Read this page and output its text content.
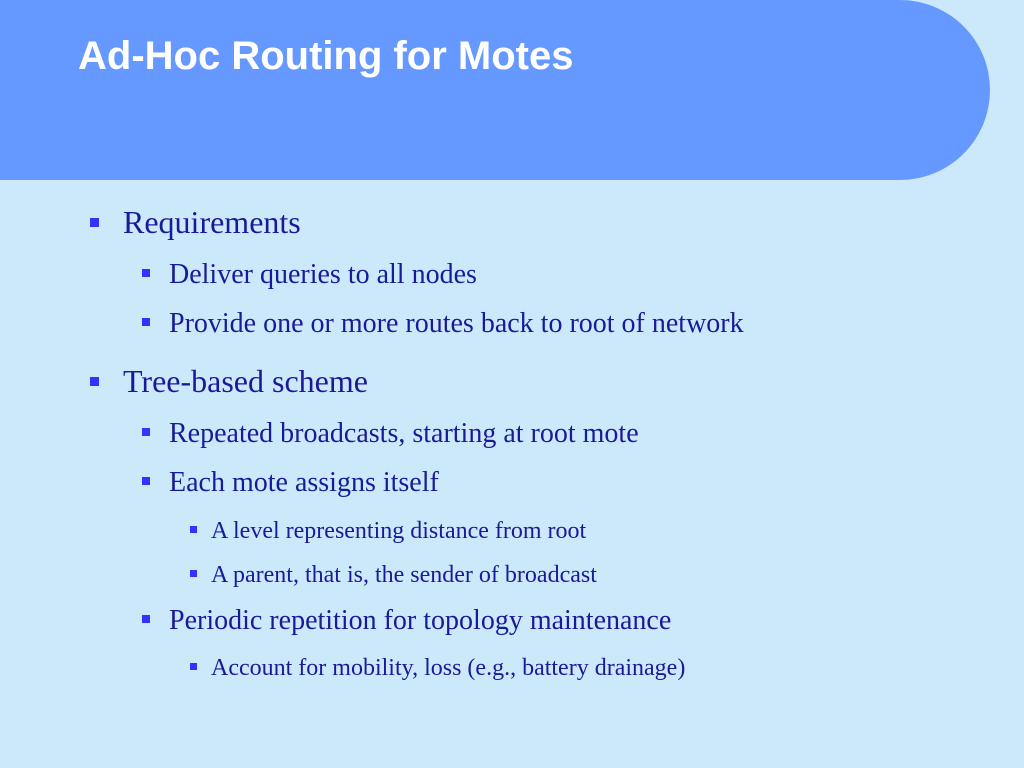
Ad-Hoc Routing for Motes
Requirements
Deliver queries to all nodes
Provide one or more routes back to root of network
Tree-based scheme
Repeated broadcasts, starting at root mote
Each mote assigns itself
A level representing distance from root
A parent, that is, the sender of broadcast
Periodic repetition for topology maintenance
Account for mobility, loss (e.g., battery drainage)
